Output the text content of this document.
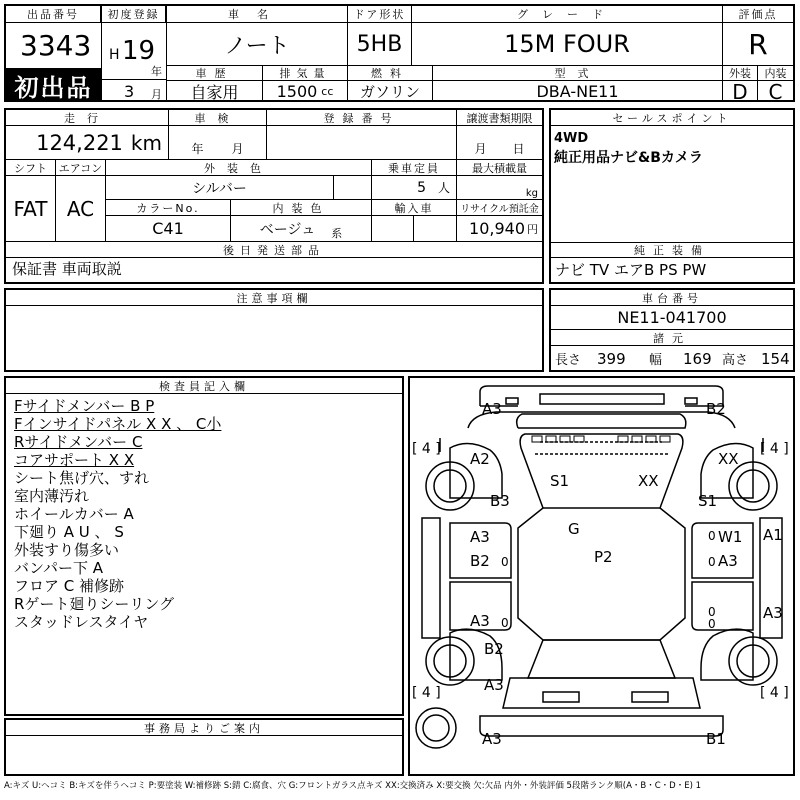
出品番号
3343
初出品
初度登録
H 19
年
3 月
車名
ノート
ドア形状
5HB
グレード
15M FOUR
評価点
R
車歴
自家用
排気量
1500 cc
燃料
ガソリン
型式
DBA-NE11
外装
D
内装
C
走行
124,221 km
車検
年 月
登録番号	譲渡書類期限
月 日
シフト
FAT
エアコン
AC
外装色
シルバー
乗車定員
5 人
最大積載量
kg
カラーNo.
C41
内装色
ベージュ 系
輸入車	リサイクル預託金
10,940 円
後日発送部品
保証書 車両取説
セールスポイント
4WD
純正用品ナビ&Bカメラ
純正装備
ナビ TV エアB PS PW
注意事項欄	車台番号
NE11-041700
諸元
長さ 399 幅 169 高さ 154
検査員記入欄
Fサイドメンバー B P
Fインサイドパネル X X 、 C小
Rサイドメンバー C
コアサポート X X
シート焦げ穴、すれ
室内薄汚れ
ホイールカバー A
下廻り A U 、 S
外装すり傷多い
バンパー下 A
フロア C 補修跡
Rゲート廻りシーリング
スタッドレスタイヤ
事務局よりご案内
A3	B2
A2	XX
S1	XX
B3	S1
G
A3	W1 A1
B2	P2	A3
A3
A3
B2
A3
A3	B1
[ 4 ]	[ 4 ]
[ 4 ]	[ 4 ]
0
0
0
0
0
0
A:キズ U:ヘコミ B:キズを伴うヘコミ P:要塗装 W:補修跡 S:錆 C:腐食、穴 G:フロントガラス点キズ XX:交換済み X:要交換 欠:欠品 内外・外装評価 5段階ランク順(A・B・C・D・E) 1
